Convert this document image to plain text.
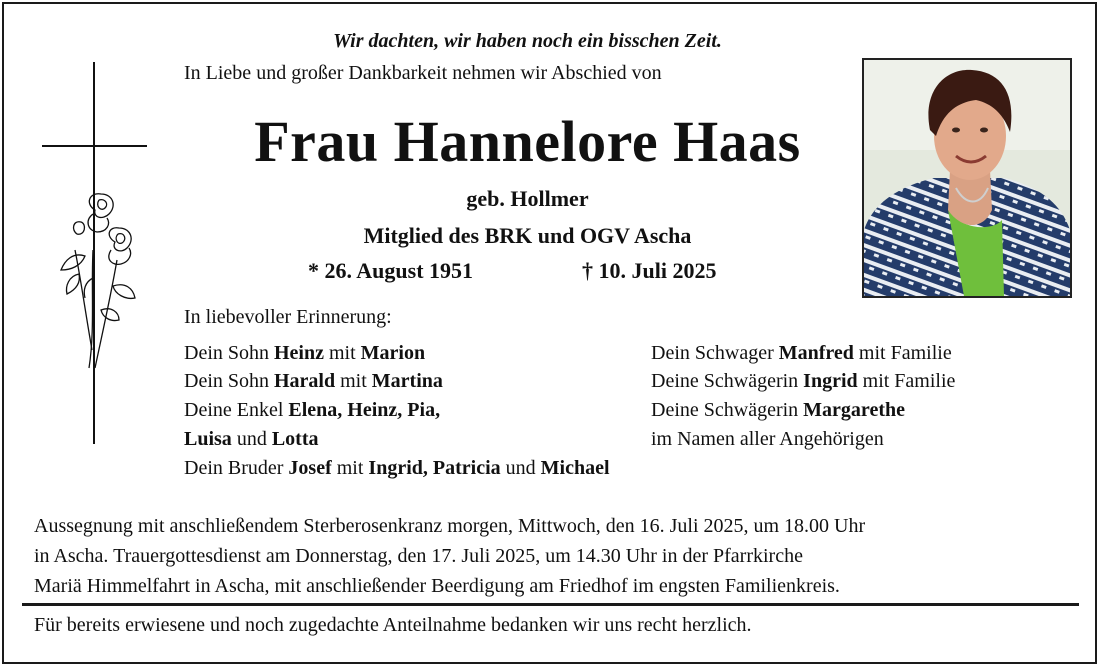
Wir dachten, wir haben noch ein bisschen Zeit.
In Liebe und großer Dankbarkeit nehmen wir Abschied von
Frau Hannelore Haas
geb. Hollmer
Mitglied des BRK und OGV Ascha
* 26. August 1951	† 10. Juli 2025
In liebevoller Erinnerung:
Dein Sohn Heinz mit Marion
Dein Sohn Harald mit Martina
Deine Enkel Elena, Heinz, Pia,
Luisa und Lotta
Dein Bruder Josef mit Ingrid, Patricia und Michael
Dein Schwager Manfred mit Familie
Deine Schwägerin Ingrid mit Familie
Deine Schwägerin Margarethe
im Namen aller Angehörigen
Aussegnung mit anschließendem Sterberosenkranz morgen, Mittwoch, den 16. Juli 2025, um 18.00 Uhr
in Ascha. Trauergottesdienst am Donnerstag, den 17. Juli 2025, um 14.30 Uhr in der Pfarrkirche
Mariä Himmelfahrt in Ascha, mit anschließender Beerdigung am Friedhof im engsten Familienkreis.
Für bereits erwiesene und noch zugedachte Anteilnahme bedanken wir uns recht herzlich.
